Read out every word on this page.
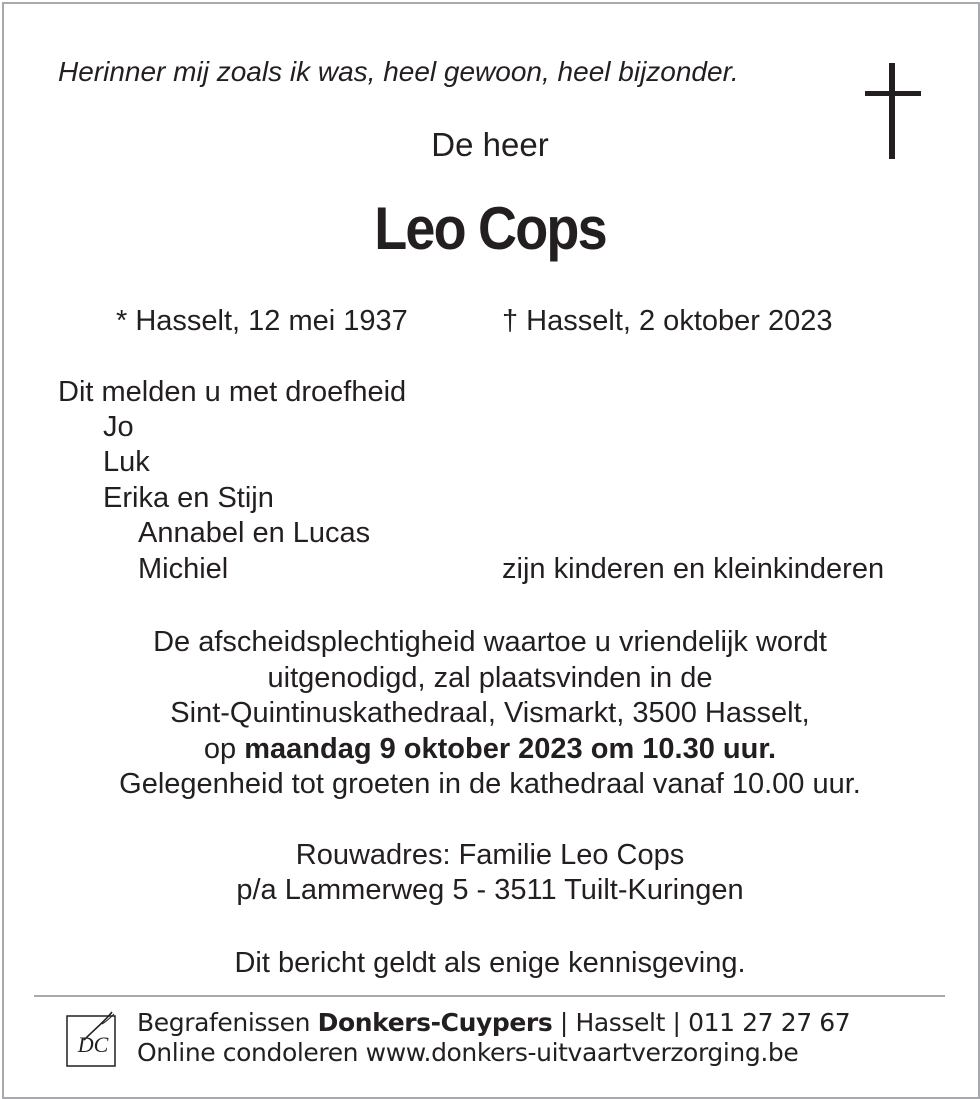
Herinner mij zoals ik was, heel gewoon, heel bijzonder.
De heer
Leo Cops
* Hasselt, 12 mei 1937	† Hasselt, 2 oktober 2023
Dit melden u met droefheid
Jo
Luk
Erika en Stijn
Annabel en Lucas
Michiel	zijn kinderen en kleinkinderen
De afscheidsplechtigheid waartoe u vriendelijk wordt
uitgenodigd, zal plaatsvinden in de
Sint-Quintinuskathedraal, Vismarkt, 3500 Hasselt,
op maandag 9 oktober 2023 om 10.30 uur.
Gelegenheid tot groeten in de kathedraal vanaf 10.00 uur.
Rouwadres: Familie Leo Cops
p/a Lammerweg 5 - 3511 Tuilt-Kuringen
Dit bericht geldt als enige kennisgeving.
DC
Begrafenissen Donkers-Cuypers | Hasselt | 011 27 27 67
Online condoleren www.donkers-uitvaartverzorging.be
